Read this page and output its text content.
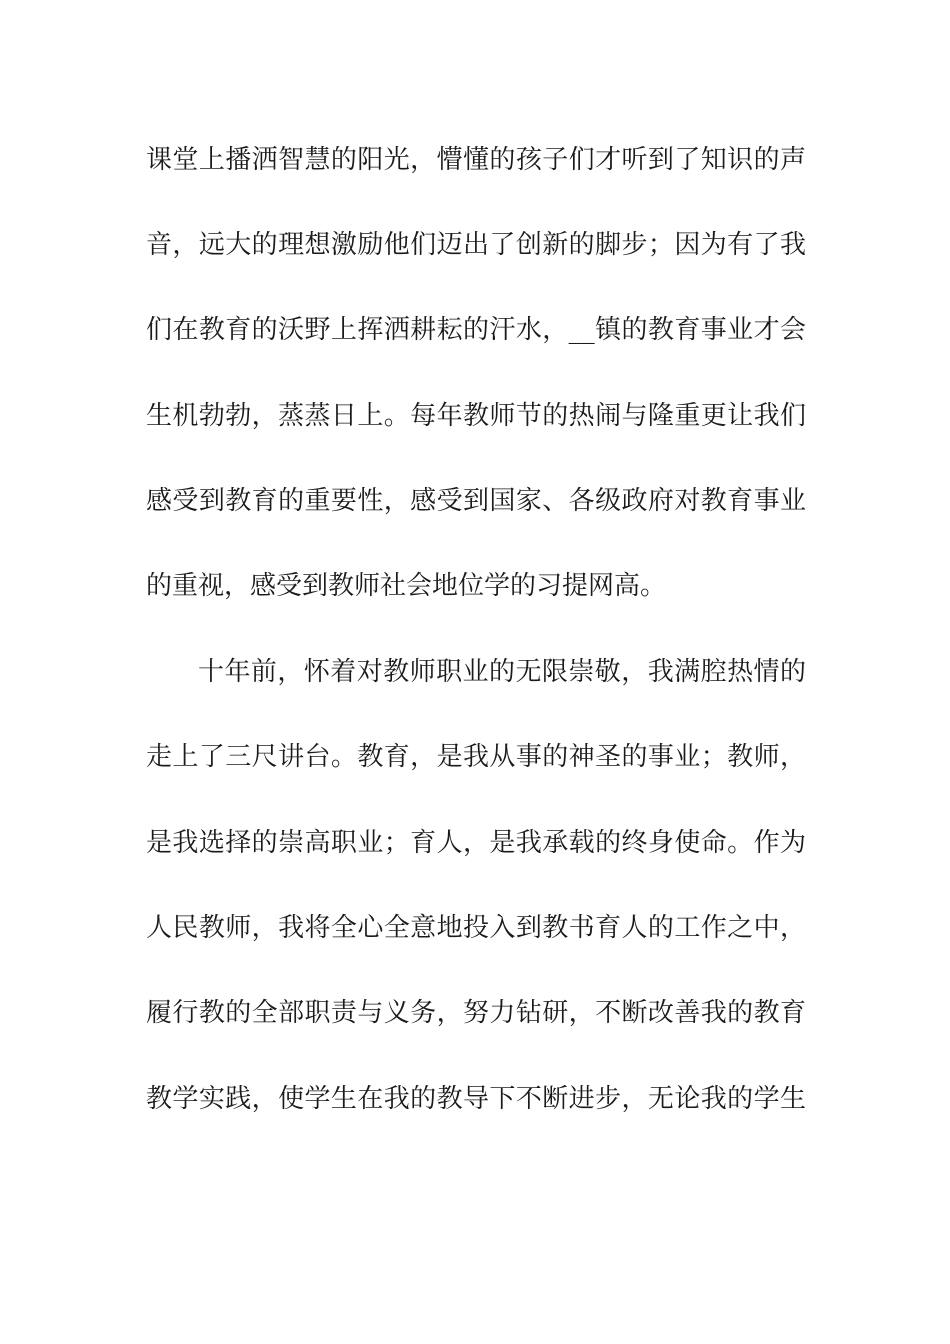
课堂上播洒智慧的阳光，懵懂的孩子们才听到了知识的声
音，远大的理想激励他们迈出了创新的脚步；因为有了我
们在教育的沃野上挥洒耕耘的汗水，__镇的教育事业才会
生机勃勃，蒸蒸日上。每年教师节的热闹与隆重更让我们
感受到教育的重要性，感受到国家、各级政府对教育事业
的重视，感受到教师社会地位学的习提网高。
十年前，怀着对教师职业的无限崇敬，我满腔热情的
走上了三尺讲台。教育，是我从事的神圣的事业；教师，
是我选择的崇高职业；育人，是我承载的终身使命。作为
人民教师，我将全心全意地投入到教书育人的工作之中，
履行教的全部职责与义务，努力钻研，不断改善我的教育
教学实践，使学生在我的教导下不断进步，无论我的学生
